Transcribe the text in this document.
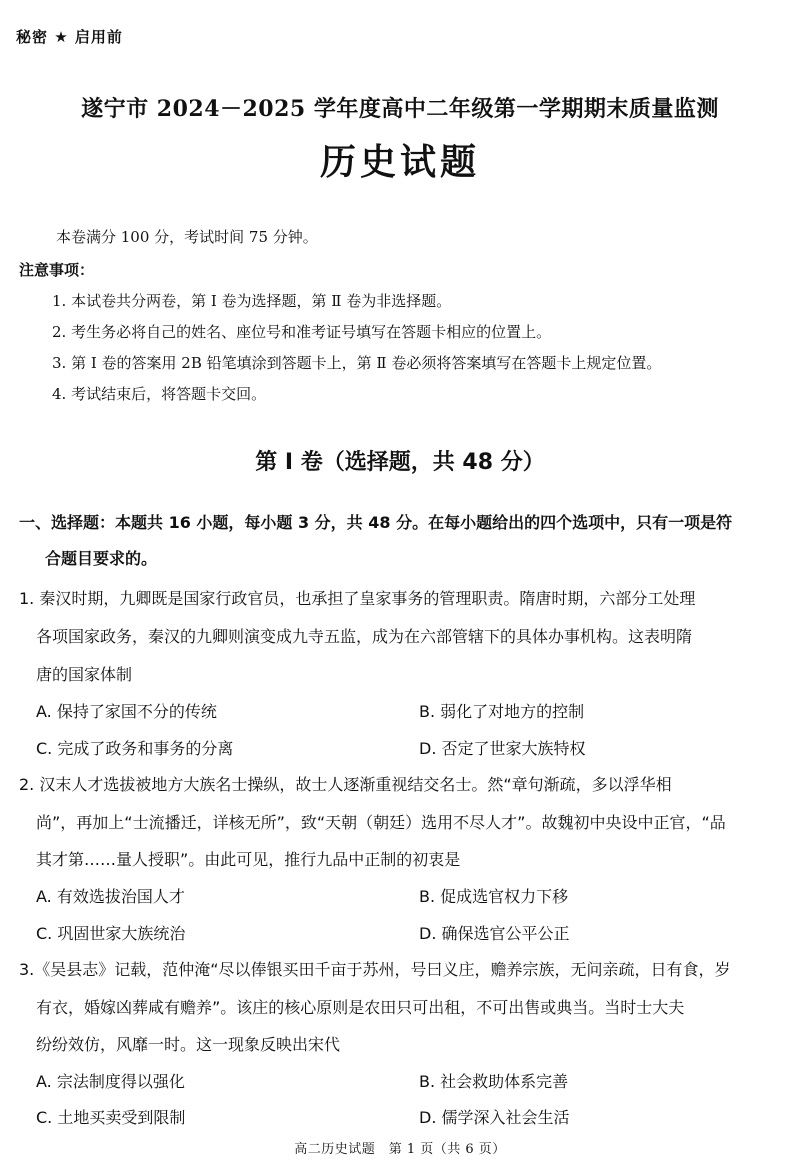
秘密 ★ 启用前
遂宁市 2024－2025 学年度高中二年级第一学期期末质量监测
历史试题
本卷满分 100 分，考试时间 75 分钟。
注意事项：
1. 本试卷共分两卷，第 Ⅰ 卷为选择题，第 Ⅱ 卷为非选择题。
2. 考生务必将自己的姓名、座位号和准考证号填写在答题卡相应的位置上。
3. 第 Ⅰ 卷的答案用 2B 铅笔填涂到答题卡上，第 Ⅱ 卷必须将答案填写在答题卡上规定位置。
4. 考试结束后，将答题卡交回。
第 Ⅰ 卷（选择题，共 48 分）
一、选择题：本题共 16 小题，每小题 3 分，共 48 分。在每小题给出的四个选项中，只有一项是符
合题目要求的。
1. 秦汉时期，九卿既是国家行政官员，也承担了皇家事务的管理职责。隋唐时期，六部分工处理
各项国家政务，秦汉的九卿则演变成九寺五监，成为在六部管辖下的具体办事机构。这表明隋
唐的国家体制
A. 保持了家国不分的传统	B. 弱化了对地方的控制
C. 完成了政务和事务的分离	D. 否定了世家大族特权
2. 汉末人才选拔被地方大族名士操纵，故士人逐渐重视结交名士。然“章句渐疏，多以浮华相
尚”，再加上“士流播迁，详核无所”，致“天朝（朝廷）选用不尽人才”。故魏初中央设中正官，“品
其才第……量人授职”。由此可见，推行九品中正制的初衷是
A. 有效选拔治国人才	B. 促成选官权力下移
C. 巩固世家大族统治	D. 确保选官公平公正
3.《吴县志》记载，范仲淹“尽以俸银买田千亩于苏州，号曰义庄，赡养宗族，无问亲疏，日有食，岁
有衣，婚嫁凶葬咸有赡养”。该庄的核心原则是农田只可出租，不可出售或典当。当时士大夫
纷纷效仿，风靡一时。这一现象反映出宋代
A. 宗法制度得以强化	B. 社会救助体系完善
C. 土地买卖受到限制	D. 儒学深入社会生活
高二历史试题　第 1 页（共 6 页）
